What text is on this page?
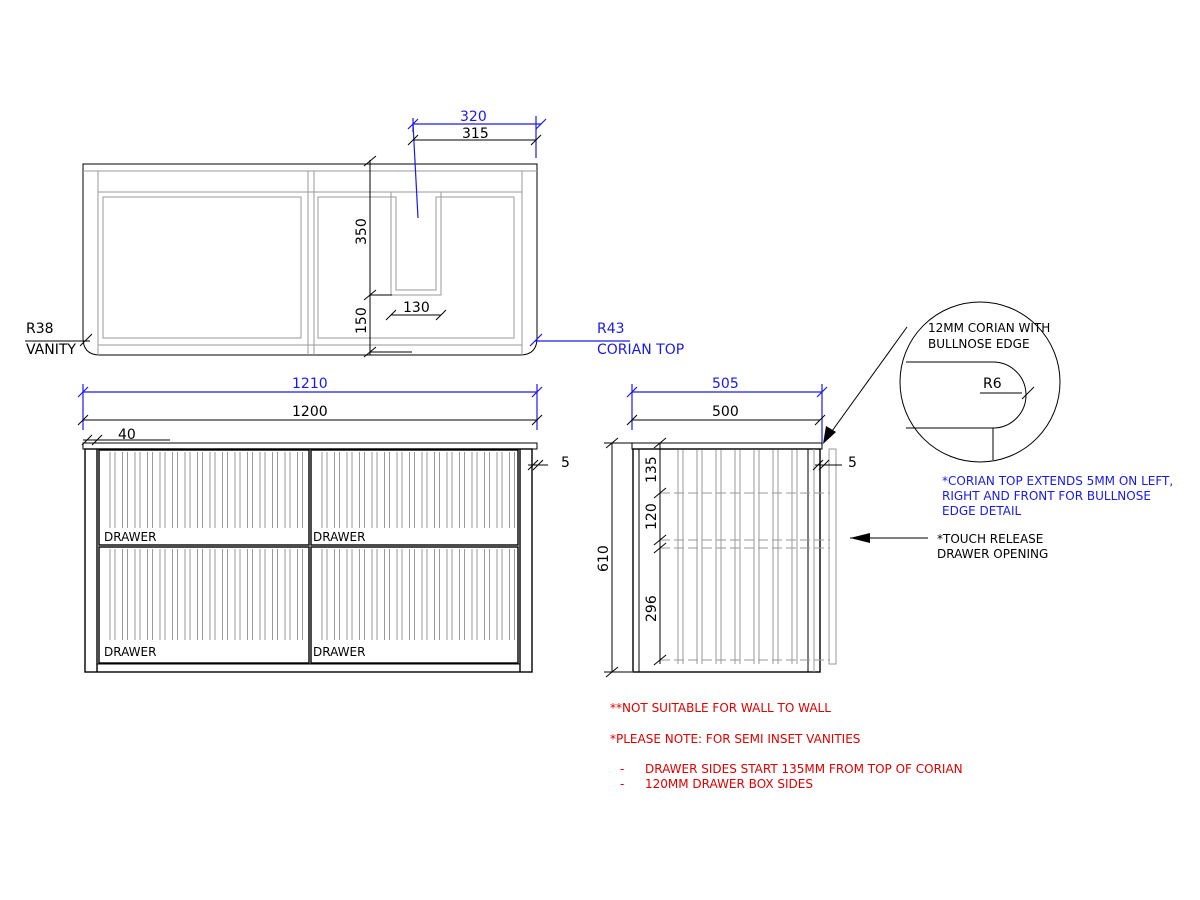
320
315
350
150 130
R38
VANITY
R43
CORIAN TOP
1210
1200
40
DRAWER	DRAWER
DRAWER	DRAWER
5
505
500
610
135
120
296
5
*TOUCH RELEASE
DRAWER OPENING
R6
12MM CORIAN WITH
BULLNOSE EDGE
*CORIAN TOP EXTENDS 5MM ON LEFT,
RIGHT AND FRONT FOR BULLNOSE
EDGE DETAIL
**NOT SUITABLE FOR WALL TO WALL
*PLEASE NOTE: FOR SEMI INSET VANITIES
- DRAWER SIDES START 135MM FROM TOP OF CORIAN
- 120MM DRAWER BOX SIDES
